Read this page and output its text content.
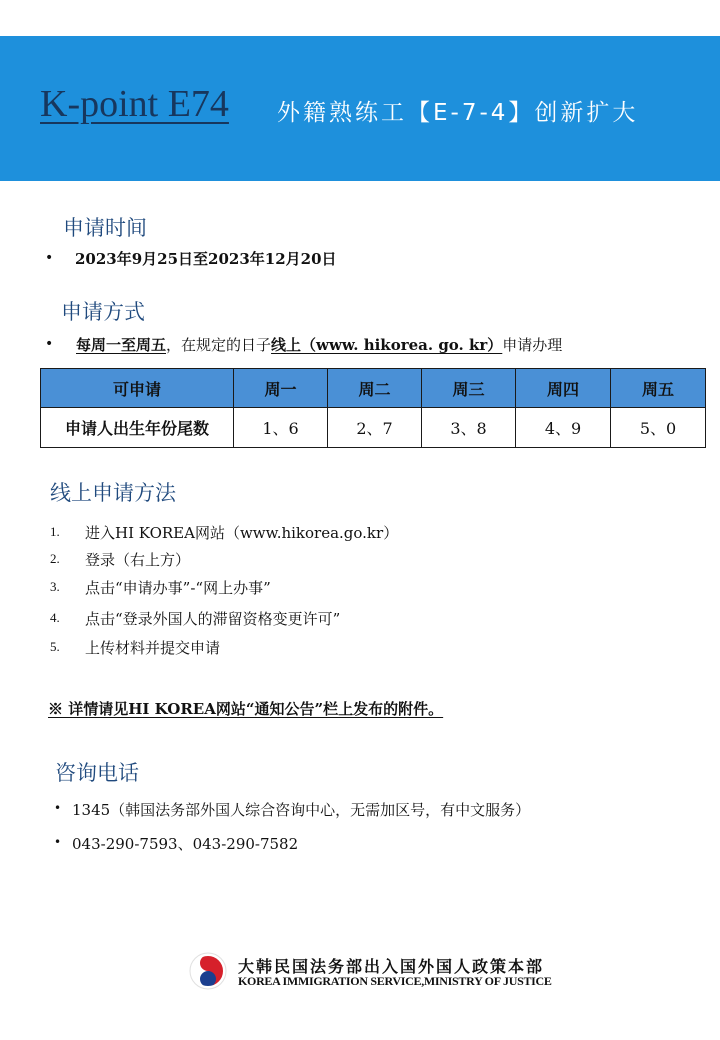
K-point E74 外籍熟练工【E-7-4】创新扩大
申请时间
• 2023年9月25日至2023年12月20日
申请方式
• 每周一至周五，在规定的日子线上（www. hikorea. go. kr）申请办理
可申请	周一	周二	周三	周四	周五
申请人出生年份尾数	1、6	2、7	3、8	4、9	5、0
线上申请方法
1. 进入HI KOREA网站（www.hikorea.go.kr）
2. 登录（右上方）
3. 点击“申请办事”-“网上办事”
4. 点击“登录外国人的滞留资格变更许可”
5. 上传材料并提交申请
※ 详情请见HI KOREA网站“通知公告”栏上发布的附件。
咨询电话
• 1345（韩国法务部外国人综合咨询中心，无需加区号，有中文服务）
• 043-290-7593、043-290-7582
大韩民国法务部出入国外国人政策本部
KOREA IMMIGRATION SERVICE,MINISTRY OF JUSTICE
